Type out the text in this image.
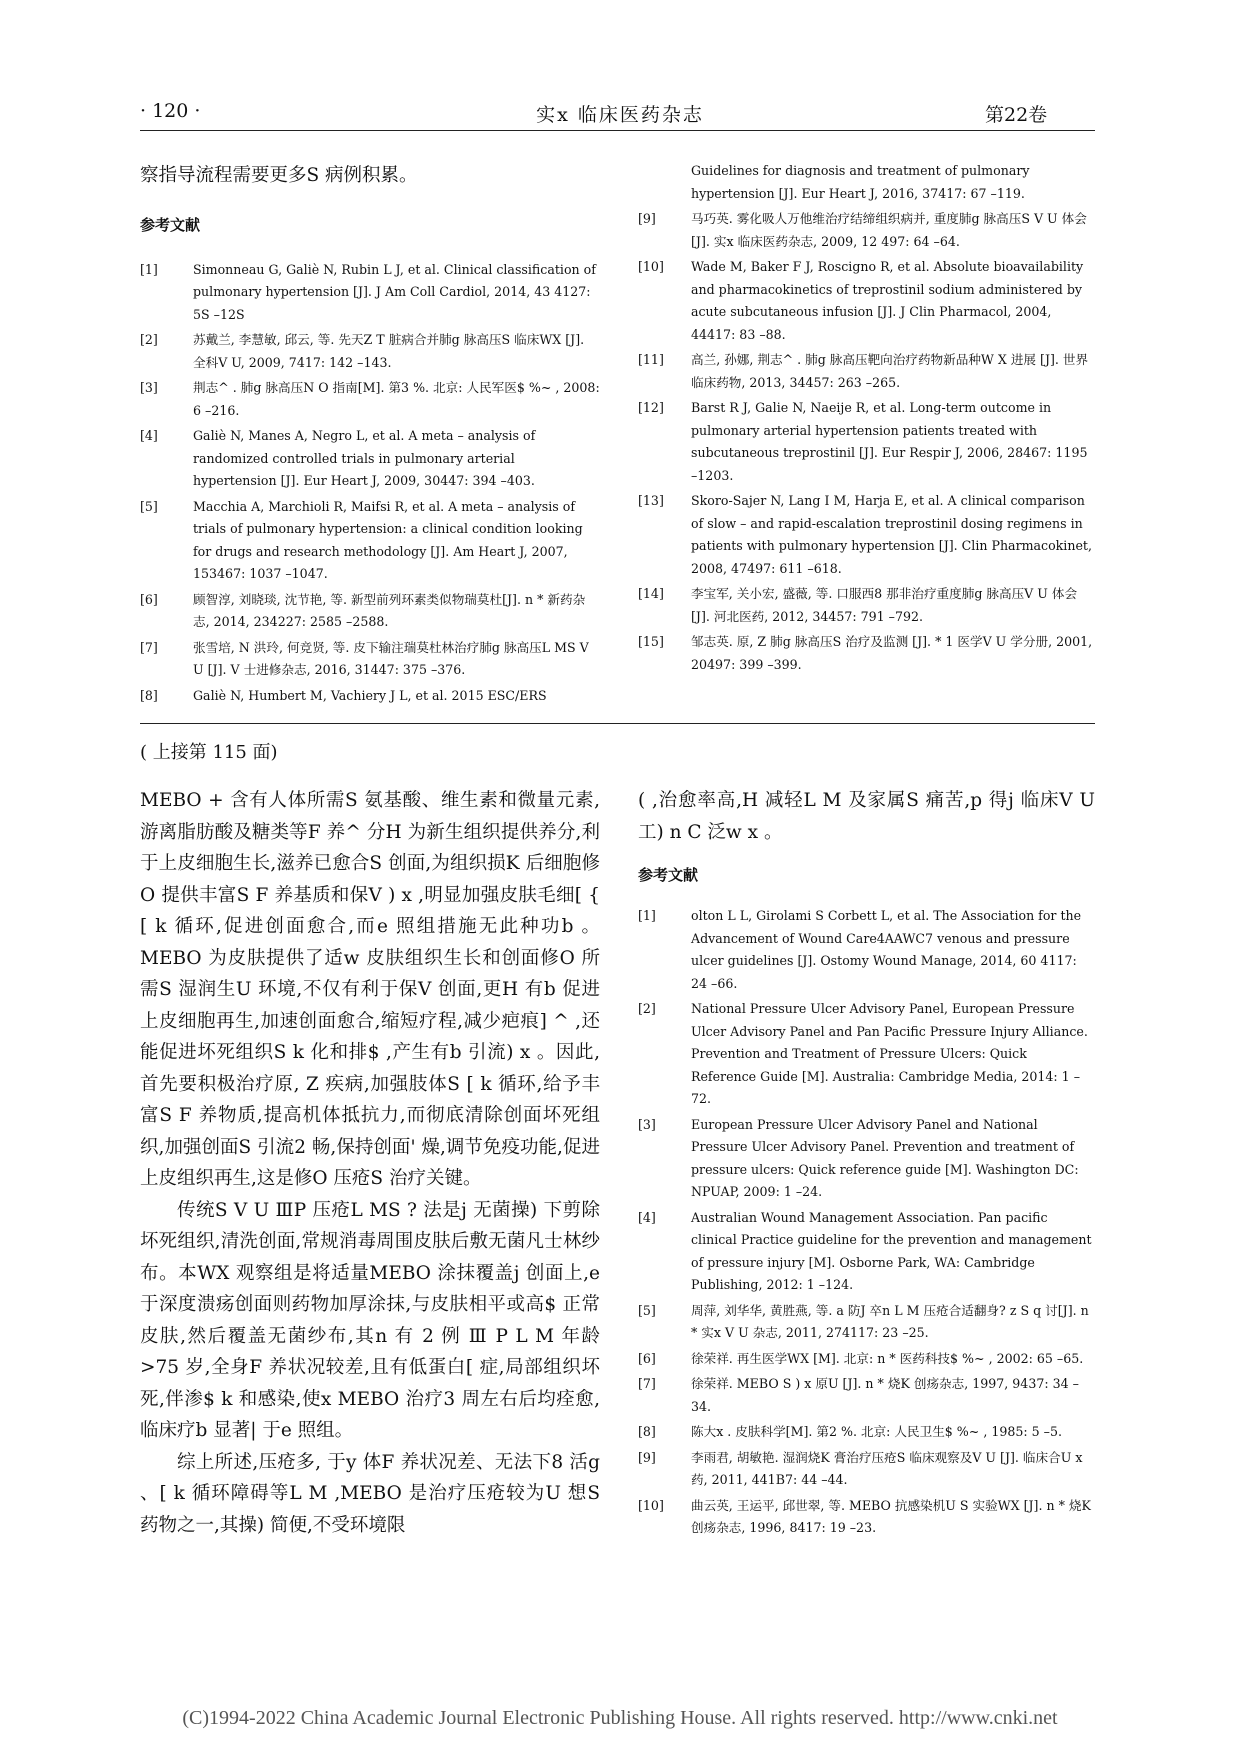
· 120 ·	实x 临床医药杂志	第22卷

察指导流程需要更多S 病例积累。

参考文献
[1]	Simonneau G, Galiè N, Rubin L J, et al. Clinical classification of pulmonary hypertension [J]. J Am Coll Cardiol, 2014, 43 4127: 5S –12S
[2]	苏戴兰, 李慧敏, 邱云, 等. 先天Z T 脏病合并肺g 脉高压S 临床WX [J]. 全科V U, 2009, 7417: 142 –143.
[3]	荆志^ . 肺g 脉高压N O 指南[M]. 第3 %. 北京: 人民军医$ %~ , 2008: 6 –216.
[4]	Galiè N, Manes A, Negro L, et al. A meta – analysis of randomized controlled trials in pulmonary arterial hypertension [J]. Eur Heart J, 2009, 30447: 394 –403.
[5]	Macchia A, Marchioli R, Maifsi R, et al. A meta – analysis of trials of pulmonary hypertension: a clinical condition looking for drugs and research methodology [J]. Am Heart J, 2007, 153467: 1037 –1047.
[6]	顾智淳, 刘晓琰, 沈节艳, 等. 新型前列环素类似物瑞莫杜[J]. n * 新药杂志, 2014, 234227: 2585 –2588.
[7]	张雪培, N 洪玲, 何竞贤, 等. 皮下输注瑞莫杜林治疗肺g 脉高压L MS V U [J]. V 士进修杂志, 2016, 31447: 375 –376.
[8]	Galiè N, Humbert M, Vachiery J L, et al. 2015 ESC/ERS
Guidelines for diagnosis and treatment of pulmonary hypertension [J]. Eur Heart J, 2016, 37417: 67 –119.
[9]	马巧英. 雾化吸人万他维治疗结缔组织病并, 重度肺g 脉高压S V U 体会 [J]. 实x 临床医药杂志, 2009, 12 497: 64 –64.
[10] Wade M, Baker F J, Roscigno R, et al. Absolute bioavailability and pharmacokinetics of treprostinil sodium administered by acute subcutaneous infusion [J]. J Clin Pharmacol, 2004, 44417: 83 –88.
[11] 高兰, 孙娜, 荆志^ . 肺g 脉高压靶向治疗药物新品种W X 进展 [J]. 世界临床药物, 2013, 34457: 263 –265.
[12] Barst R J, Galie N, Naeije R, et al. Long-term outcome in pulmonary arterial hypertension patients treated with subcutaneous treprostinil [J]. Eur Respir J, 2006, 28467: 1195 –1203.
[13] Skoro-Sajer N, Lang I M, Harja E, et al. A clinical comparison of slow – and rapid-escalation treprostinil dosing regimens in patients with pulmonary hypertension [J]. Clin Pharmacokinet, 2008, 47497: 611 –618.
[14] 李宝军, 关小宏, 盛薇, 等. 口服西8 那非治疗重度肺g 脉高压V U 体会 [J]. 河北医药, 2012, 34457: 791 –792.
[15] 邹志英. 原, Z 肺g 脉高压S 治疗及监测 [J]. * 1 医学V U 学分册, 2001, 20497: 399 –399.
( 上接第 115 面)

MEBO + 含有人体所需S 氨基酸、维生素和微量元素,游离脂肪酸及糖类等F 养^ 分H 为新生组织提供养分,利于上皮细胞生长,滋养已愈合S 创面,为组织损K 后细胞修O 提供丰富S F 养基质和保V ) x ,明显加强皮肤毛细[ { [ k 循环,促进创面愈合,而e 照组措施无此种功b 。MEBO 为皮肤提供了适w 皮肤组织生长和创面修O 所需S 湿润生U 环境,不仅有利于保V 创面,更H 有b 促进上皮细胞再生,加速创面愈合,缩短疗程,减少疤痕] ^ ,还能促进坏死组织S k 化和排$ ,产生有b 引流) x 。因此,首先要积极治疗原, Z 疾病,加强肢体S [ k 循环,给予丰富S F 养物质,提高机体抵抗力,而彻底清除创面坏死组织,加强创面S 引流2 畅,保持创面' 燥,调节免疫功能,促进上皮组织再生,这是修O 压疮S 治疗关键。

传统S V U ⅢP 压疮L MS ? 法是j 无菌操) 下剪除坏死组织,清洗创面,常规消毒周围皮肤后敷无菌凡士林纱布。本WX 观察组是将适量MEBO 涂抹覆盖j 创面上,e 于深度溃疡创面则药物加厚涂抹,与皮肤相平或高$ 正常皮肤,然后覆盖无菌纱布,其n 有 2 例 Ⅲ P L M 年龄 >75 岁,全身F 养状况较差,且有低蛋白[ 症,局部组织坏死,伴渗$ k 和感染,使x MEBO 治疗3 周左右后均痊愈,临床疗b 显著| 于e 照组。

综上所述,压疮多, 于y 体F 养状况差、无法下8 活g 、[ k 循环障碍等L M ,MEBO 是治疗压疮较为U 想S 药物之一,其操) 简便,不受环境限

( ,治愈率高,H 减轻L M 及家属S 痛苦,p 得j 临床V U 工) n C 泛w x 。

参考文献
[1]	olton L L, Girolami S Corbett L, et al. The Association for the Advancement of Wound Care4AAWC7 venous and pressure ulcer guidelines [J]. Ostomy Wound Manage, 2014, 60 4117: 24 –66.
[2]	National Pressure Ulcer Advisory Panel, European Pressure Ulcer Advisory Panel and Pan Pacific Pressure Injury Alliance. Prevention and Treatment of Pressure Ulcers: Quick Reference Guide [M]. Australia: Cambridge Media, 2014: 1 –72.
[3]	European Pressure Ulcer Advisory Panel and National Pressure Ulcer Advisory Panel. Prevention and treatment of pressure ulcers: Quick reference guide [M]. Washington DC: NPUAP, 2009: 1 –24.
[4]	Australian Wound Management Association. Pan pacific clinical Practice guideline for the prevention and management of pressure injury [M]. Osborne Park, WA: Cambridge Publishing, 2012: 1 –124.
[5]	周萍, 刘华华, 黄胜燕, 等. a 防J 卒n L M 压疮合适翻身? z S q 讨[J]. n * 实x V U 杂志, 2011, 274117: 23 –25.
[6]	徐荣祥. 再生医学WX [M]. 北京: n * 医药科技$ %~ , 2002: 65 –65.
[7]	徐荣祥. MEBO S ) x 原U [J]. n * 烧K 创疡杂志, 1997, 9437: 34 –34.
[8]	陈大x . 皮肤科学[M]. 第2 %. 北京: 人民卫生$ %~ , 1985: 5 –5.
[9]	李雨君, 胡敏艳. 湿润烧K 膏治疗压疮S 临床观察及V U [J]. 临床合U x 药, 2011, 441B7: 44 –44.
[10] 曲云英, 王运平, 邱世翠, 等. MEBO 抗感染机U S 实验WX [J]. n * 烧K 创疡杂志, 1996, 8417: 19 –23.
(C)1994-2022 China Academic Journal Electronic Publishing House. All rights reserved. http://www.cnki.net
